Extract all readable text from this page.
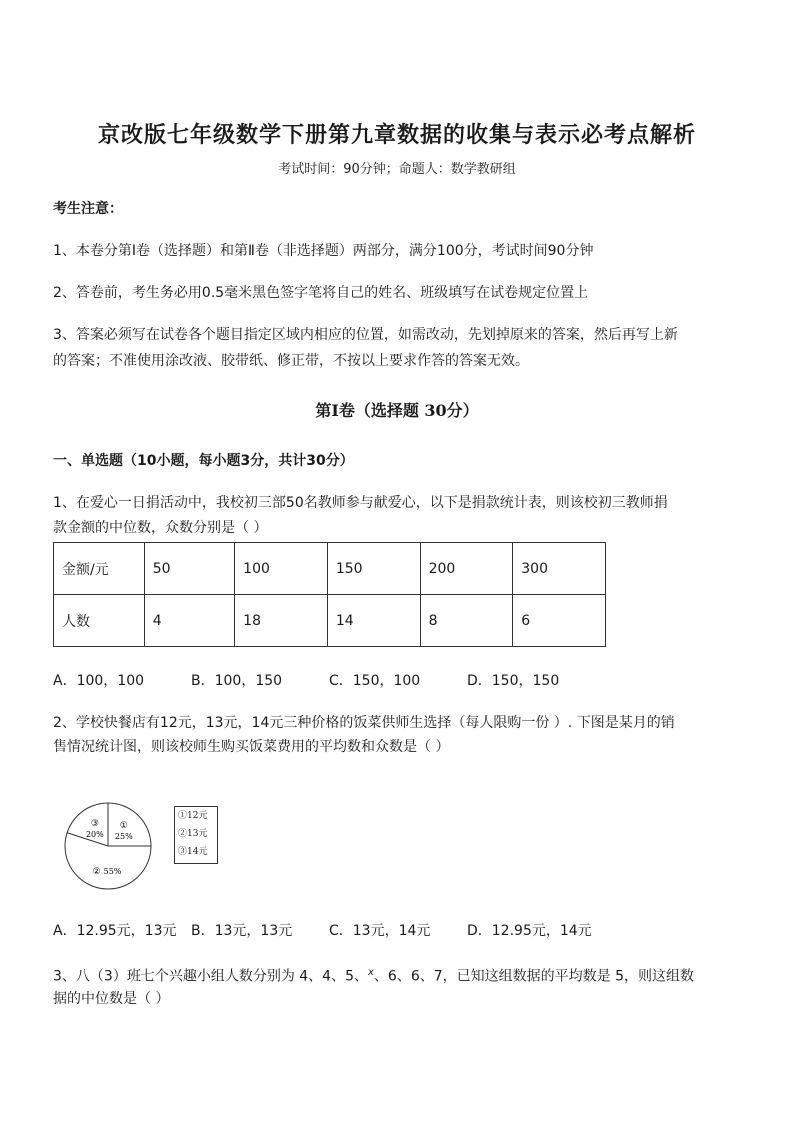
京改版七年级数学下册第九章数据的收集与表示必考点解析
考试时间：90分钟；命题人：数学教研组
考生注意：
1、本卷分第Ⅰ卷（选择题）和第Ⅱ卷（非选择题）两部分，满分100分，考试时间90分钟
2、答卷前，考生务必用0.5毫米黑色签字笔将自己的姓名、班级填写在试卷规定位置上
3、答案必须写在试卷各个题目指定区域内相应的位置，如需改动，先划掉原来的答案，然后再写上新
的答案；不准使用涂改液、胶带纸、修正带，不按以上要求作答的答案无效。
第Ⅰ卷（选择题 30分）
一、单选题（10小题，每小题3分，共计30分）
1、在爱心一日捐活动中，我校初三部50名教师参与献爱心，以下是捐款统计表，则该校初三教师捐
款金额的中位数，众数分别是（ ）
金额/元	50	100	150	200	300
人数	4	18	14	8	6
A．100，100	B．100，150	C．150，100	D．150，150
2、学校快餐店有12元，13元，14元三种价格的饭菜供师生选择（每人限购一份 ）. 下图是某月的销
售情况统计图，则该校师生购买饭菜费用的平均数和众数是（ ）
①
25%
② 55%
③
20%
①12元
②13元
③14元
A．12.95元，13元 B．13元，13元	C．13元，14元	D．12.95元，14元
3、八（3）班七个兴趣小组人数分别为 4、4、5、$^x$、6、6、7，已知这组数据的平均数是 5，则这组数
据的中位数是（ ）
